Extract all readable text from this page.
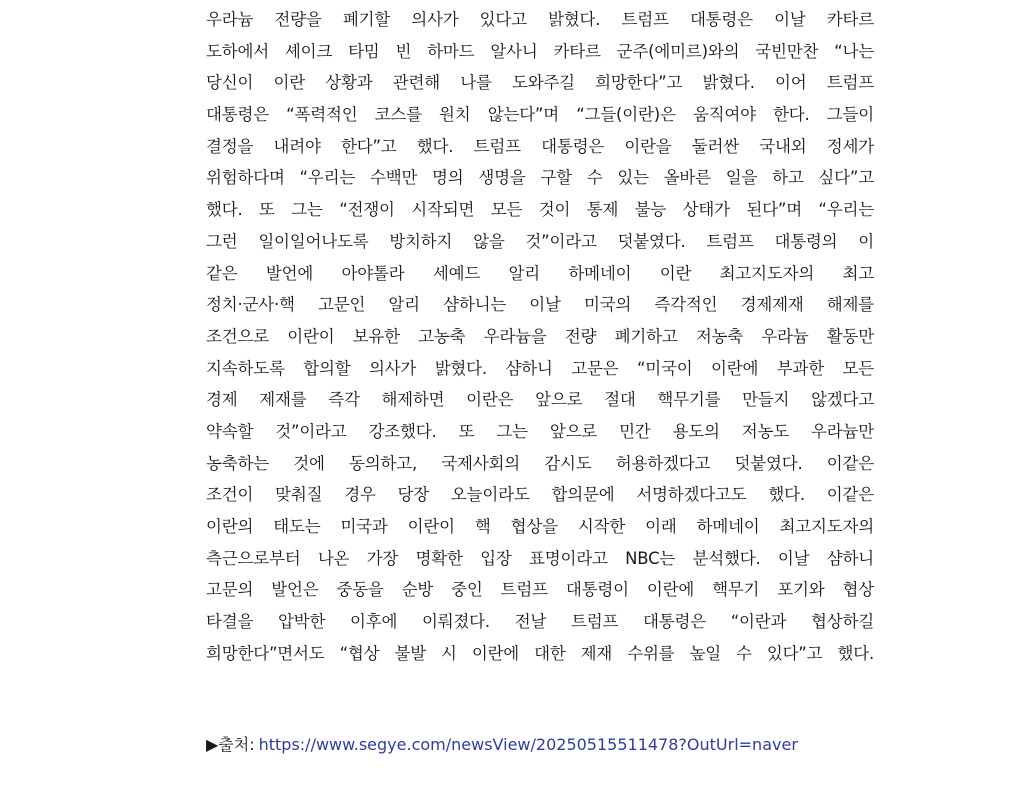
우라늄 전량을 폐기할 의사가 있다고 밝혔다. 트럼프 대통령은 이날 카타르
도하에서 셰이크 타밈 빈 하마드 알사니 카타르 군주(에미르)와의 국빈만찬 “나는
당신이 이란 상황과 관련해 나를 도와주길 희망한다”고 밝혔다. 이어 트럼프
대통령은 “폭력적인 코스를 원치 않는다”며 “그들(이란)은 움직여야 한다. 그들이
결정을 내려야 한다”고 했다. 트럼프 대통령은 이란을 둘러싼 국내외 정세가
위험하다며 “우리는 수백만 명의 생명을 구할 수 있는 올바른 일을 하고 싶다”고
했다. 또 그는 “전쟁이 시작되면 모든 것이 통제 불능 상태가 된다”며 “우리는
그런 일이일어나도록 방치하지 않을 것”이라고 덧붙였다. 트럼프 대통령의 이
같은 발언에 아야톨라 세예드 알리 하메네이 이란 최고지도자의 최고
정치·군사·핵 고문인 알리 샴하니는 이날 미국의 즉각적인 경제제재 해제를
조건으로 이란이 보유한 고농축 우라늄을 전량 폐기하고 저농축 우라늄 활동만
지속하도록 합의할 의사가 밝혔다. 샴하니 고문은 “미국이 이란에 부과한 모든
경제 제재를 즉각 해제하면 이란은 앞으로 절대 핵무기를 만들지 않겠다고
약속할 것”이라고 강조했다. 또 그는 앞으로 민간 용도의 저농도 우라늄만
농축하는 것에 동의하고, 국제사회의 감시도 허용하겠다고 덧붙였다. 이같은
조건이 맞춰질 경우 당장 오늘이라도 합의문에 서명하겠다고도 했다. 이같은
이란의 태도는 미국과 이란이 핵 협상을 시작한 이래 하메네이 최고지도자의
측근으로부터 나온 가장 명확한 입장 표명이라고 NBC는 분석했다. 이날 샴하니
고문의 발언은 중동을 순방 중인 트럼프 대통령이 이란에 핵무기 포기와 협상
타결을 압박한 이후에 이뤄졌다. 전날 트럼프 대통령은 “이란과 협상하길
희망한다”면서도 “협상 불발 시 이란에 대한 제재 수위를 높일 수 있다”고 했다.
▶출처: https://www.segye.com/newsView/20250515511478?OutUrl=naver
